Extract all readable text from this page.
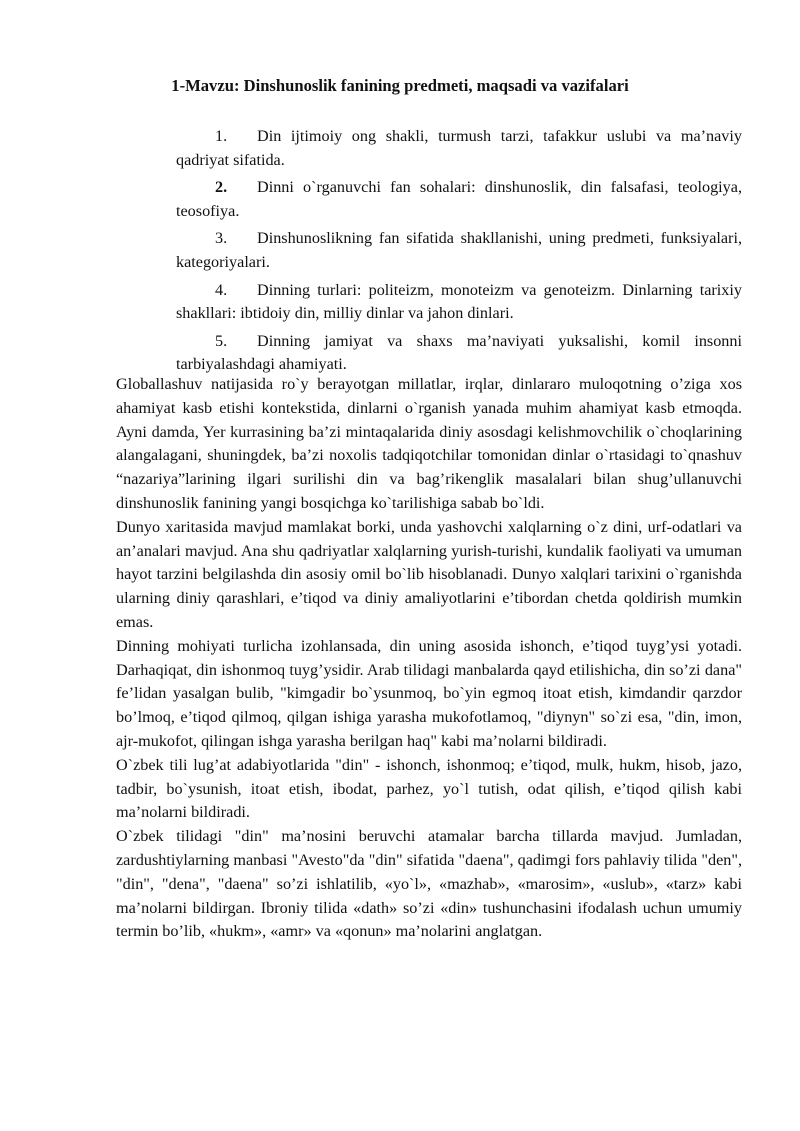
1-Mavzu: Dinshunoslik fanining predmeti, maqsadi va vazifalari
1. Din ijtimoiy ong shakli, turmush tarzi, tafakkur uslubi va ma’naviy qadriyat sifatida.
2. Dinni o`rganuvchi fan sohalari: dinshunoslik, din falsafasi, teologiya, teosofiya.
3. Dinshunoslikning fan sifatida shakllanishi, uning predmeti, funksiyalari, kategoriyalari.
4. Dinning turlari: politeizm, monoteizm va genoteizm. Dinlarning tarixiy shakllari: ibtidoiy din, milliy dinlar va jahon dinlari.
5. Dinning jamiyat va shaxs ma’naviyati yuksalishi, komil insonni tarbiyalashdagi ahamiyati.

Globallashuv natijasida ro`y berayotgan millatlar, irqlar, dinlararo muloqotning o’ziga xos ahamiyat kasb etishi kontekstida, dinlarni o`rganish yanada muhim ahamiyat kasb etmoqda. Ayni damda, Yer kurrasining ba’zi mintaqalarida diniy asosdagi kelishmovchilik o`choqlarining alangalagani, shuningdek, ba’zi noxolis tadqiqotchilar tomonidan dinlar o`rtasidagi to`qnashuv “nazariya”larining ilgari surilishi din va bag’rikenglik masalalari bilan shug’ullanuvchi dinshunoslik fanining yangi bosqichga ko`tarilishiga sabab bo`ldi.

Dunyo xaritasida mavjud mamlakat borki, unda yashovchi xalqlarning o`z dini, urf-odatlari va an’analari mavjud. Ana shu qadriyatlar xalqlarning yurish-turishi, kundalik faoliyati va umuman hayot tarzini belgilashda din asosiy omil bo`lib hisoblanadi. Dunyo xalqlari tarixini o`rganishda ularning diniy qarashlari, e’tiqod va diniy amaliyotlarini e’tibordan chetda qoldirish mumkin emas.

Dinning mohiyati turlicha izohlansada, din uning asosida ishonch, e’tiqod tuyg’ysi yotadi. Darhaqiqat, din ishonmoq tuyg’ysidir. Arab tilidagi manbalarda qayd etilishicha, din so’zi dana" fe’lidan yasalgan bulib, "kimgadir bo`ysunmoq, bo`yin egmoq itoat etish, kimdandir qarzdor bo’lmoq, e’tiqod qilmoq, qilgan ishiga yarasha mukofotlamoq, "diynyn" so`zi esa, "din, imon, ajr-mukofot, qilingan ishga yarasha berilgan haq" kabi ma’nolarni bildiradi.

O`zbek tili lug’at adabiyotlarida "din" - ishonch, ishonmoq; e’tiqod, mulk, hukm, hisob, jazo, tadbir, bo`ysunish, itoat etish, ibodat, parhez, yo`l tutish, odat qilish, e’tiqod qilish kabi ma’nolarni bildiradi.

O`zbek tilidagi "din" ma’nosini beruvchi atamalar barcha tillarda mavjud. Jumladan, zardushtiylarning manbasi "Avesto"da "din" sifatida "daena", qadimgi fors pahlaviy tilida "den", "din", "dena", "daena" so’zi ishlatilib, «yo`l», «mazhab», «marosim», «uslub», «tarz» kabi ma’nolarni bildirgan. Ibroniy tilida «dath» so’zi «din» tushunchasini ifodalash uchun umumiy termin bo’lib, «hukm», «amr» va «qonun» ma’nolarini anglatgan.
